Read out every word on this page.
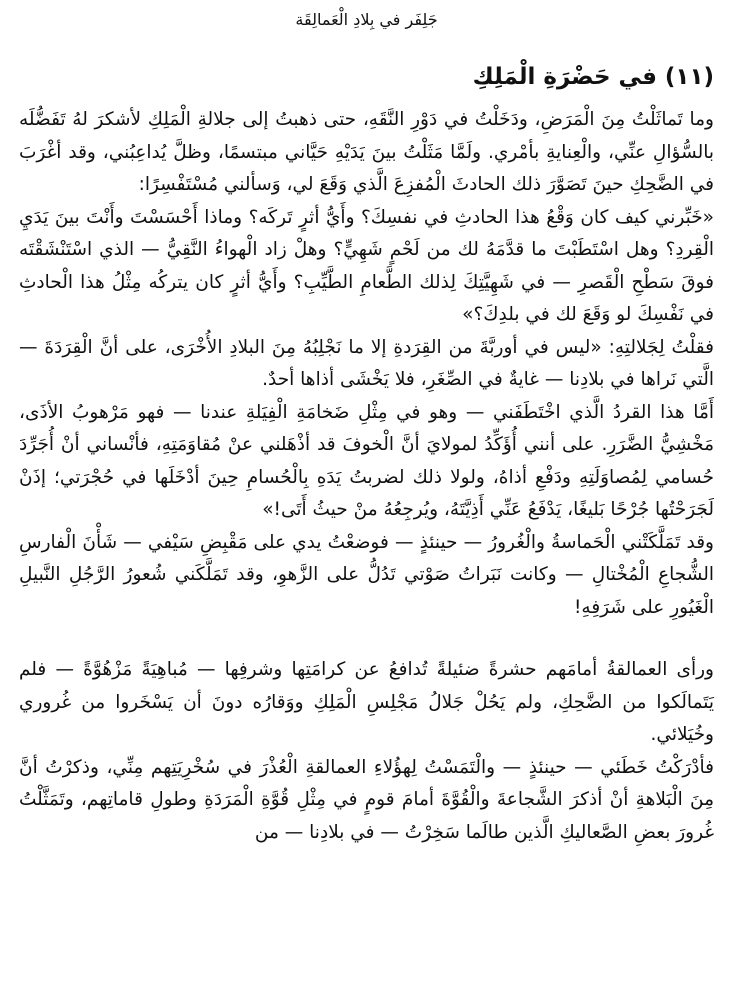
جَلِفَر في بِلادِ الْعَمالِقَة
(١١) في حَضْرَةِ الْمَلِكِ

وما تَماثَلْتُ مِنَ الْمَرَضِ، ودَخَلْتُ في دَوْرِ النَّقَهِ، حتى ذهبتُ إلى جلالةِ الْمَلِكِ لأشكرَ لهُ تَفَضُّلَه بالسُّؤالِ عنِّي، والْعِنايةِ بأمْري. ولَمَّا مَثَلْتُ بينَ يَدَيْهِ حَيَّاني مبتسمًا، وظلَّ يُداعِبُني، وقد أغْرَبَ في الضَّحِكِ حينَ تَصَوَّرَ ذلك الحادثَ الْمُفزِعَ الَّذي وَقَعَ لي، وَسألني مُسْتَفْسِرًا:

«خَبِّرني كيف كان وَقْعُ هذا الحادثِ في نفسِكَ؟ وأَيُّ أثرٍ تَركَه؟ وماذا أَحْسَسْتَ وأَنْتَ بينَ يَدَيِ الْقِردِ؟ وهل اسْتَطَبْتَ ما قدَّمَهُ لك من لَحْمٍ شَهِيٍّ؟ وهلْ زاد الْهواءُ النَّقِيُّ — الذي اسْتَنْشَقْتَه فوقَ سَطْحِ الْقَصرِ — في شَهِيَّتِكَ لِذلك الطَّعامِ الطَّيِّبِ؟ وأَيُّ أثرٍ كان يتركُه مِثْلُ هذا الْحادثِ في نَفْسِكَ لو وَقَعَ لك في بلدِكَ؟»

فقلْتُ لِجَلالتِهِ: «ليس في أوربَّةَ من القِرَدةِ إلا ما نَجْلِبُهُ مِنَ البلادِ الأُخْرَى، على أنَّ الْقِرَدَةَ — الَّتي نَراها في بلادِنا — غايةٌ في الصِّغَرِ، فلا يَخْشَى أذاها أحدٌ.

أَمَّا هذا القردُ الَّذي اخْتَطَفَني — وهو في مِثْلِ ضَخامَةِ الْفِيَلةِ عندنا — فهو مَرْهوبُ الأذَى، مَخْشِيُّ الضَّرَرِ. على أنني أُؤَكِّدُ لمولايَ أنَّ الْخوفَ قد أذْهَلني عنْ مُقاوَمَتِهِ، فأنْساني أنْ أُجَرِّدَ حُسامي لِمُصاوَلَتِهِ ودَفْعِ أذاهُ، ولولا ذلك لضربتُ يَدَهِ بِالْحُسامِ حِينَ أدْخَلَها في حُجْرَتي؛ إذَنْ لَجَرَحْتُها جُرْحًا بَليغًا، يَدْفَعُ عَنِّي أَذِيَّتَهُ، ويُرجِعُهُ منْ حيثُ أَتَى!»

وقد تَمَلَّكَتْني الْحَماسةُ والْغُرورُ — حينئذٍ — فوضعْتُ يدي على مَقْبِضِ سَيْفي — شَأْنَ الْفارسِ الشُّجاعِ الْمُخْتالِ — وكانت نَبَراتُ صَوْتي تَدُلُّ على الزَّهوِ، وقد تَمَلَّكَني شُعورُ الرَّجُلِ النَّبيلِ الْغَيُورِ على شَرَفِهِ!

ورأى العمالقةُ أمامَهم حشرةً ضئيلةً تُدافعُ عن كرامَتِها وشرفِها — مُباهِيَةً مَزْهُوَّةً — فلم يَتَمالَكوا من الضَّحِكِ، ولم يَحُلْ جَلالُ مَجْلِسِ الْمَلِكِ ووَقارُه دونَ أن يَسْخَروا من غُروري وخُيَلائي.

فأدْرَكْتُ خَطَئي — حينئذٍ — والْتَمَسْتُ لِهؤُلاءِ العمالقةِ الْعُذْرَ في سُخْرِيَتِهم مِنِّي، وذكرْتُ أنَّ مِنَ الْبَلاهةِ أنْ أذكرَ الشَّجاعةَ والْقُوَّةَ أمامَ قومٍ في مِثْلِ قُوَّةِ الْمَرَدَةِ وطولِ قاماتِهم، وتَمَثَّلْتُ غُرورَ بعضِ الصَّعاليكِ الَّذين طالَما سَخِرْتُ — في بلادِنا — من
